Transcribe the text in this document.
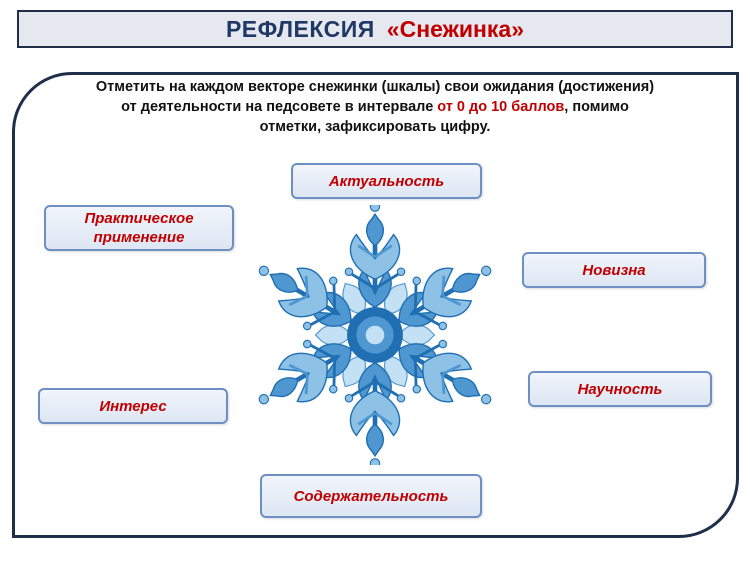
РЕФЛЕКСИЯ «Снежинка»
Отметить на каждом векторе снежинки (шкалы) свои ожидания (достижения)
от деятельности на педсовете в интервале от 0 до 10 баллов, помимо
отметки, зафиксировать цифру.
Актуальность
Практическое применение
Новизна
Интерес
Научность
Содержательность
